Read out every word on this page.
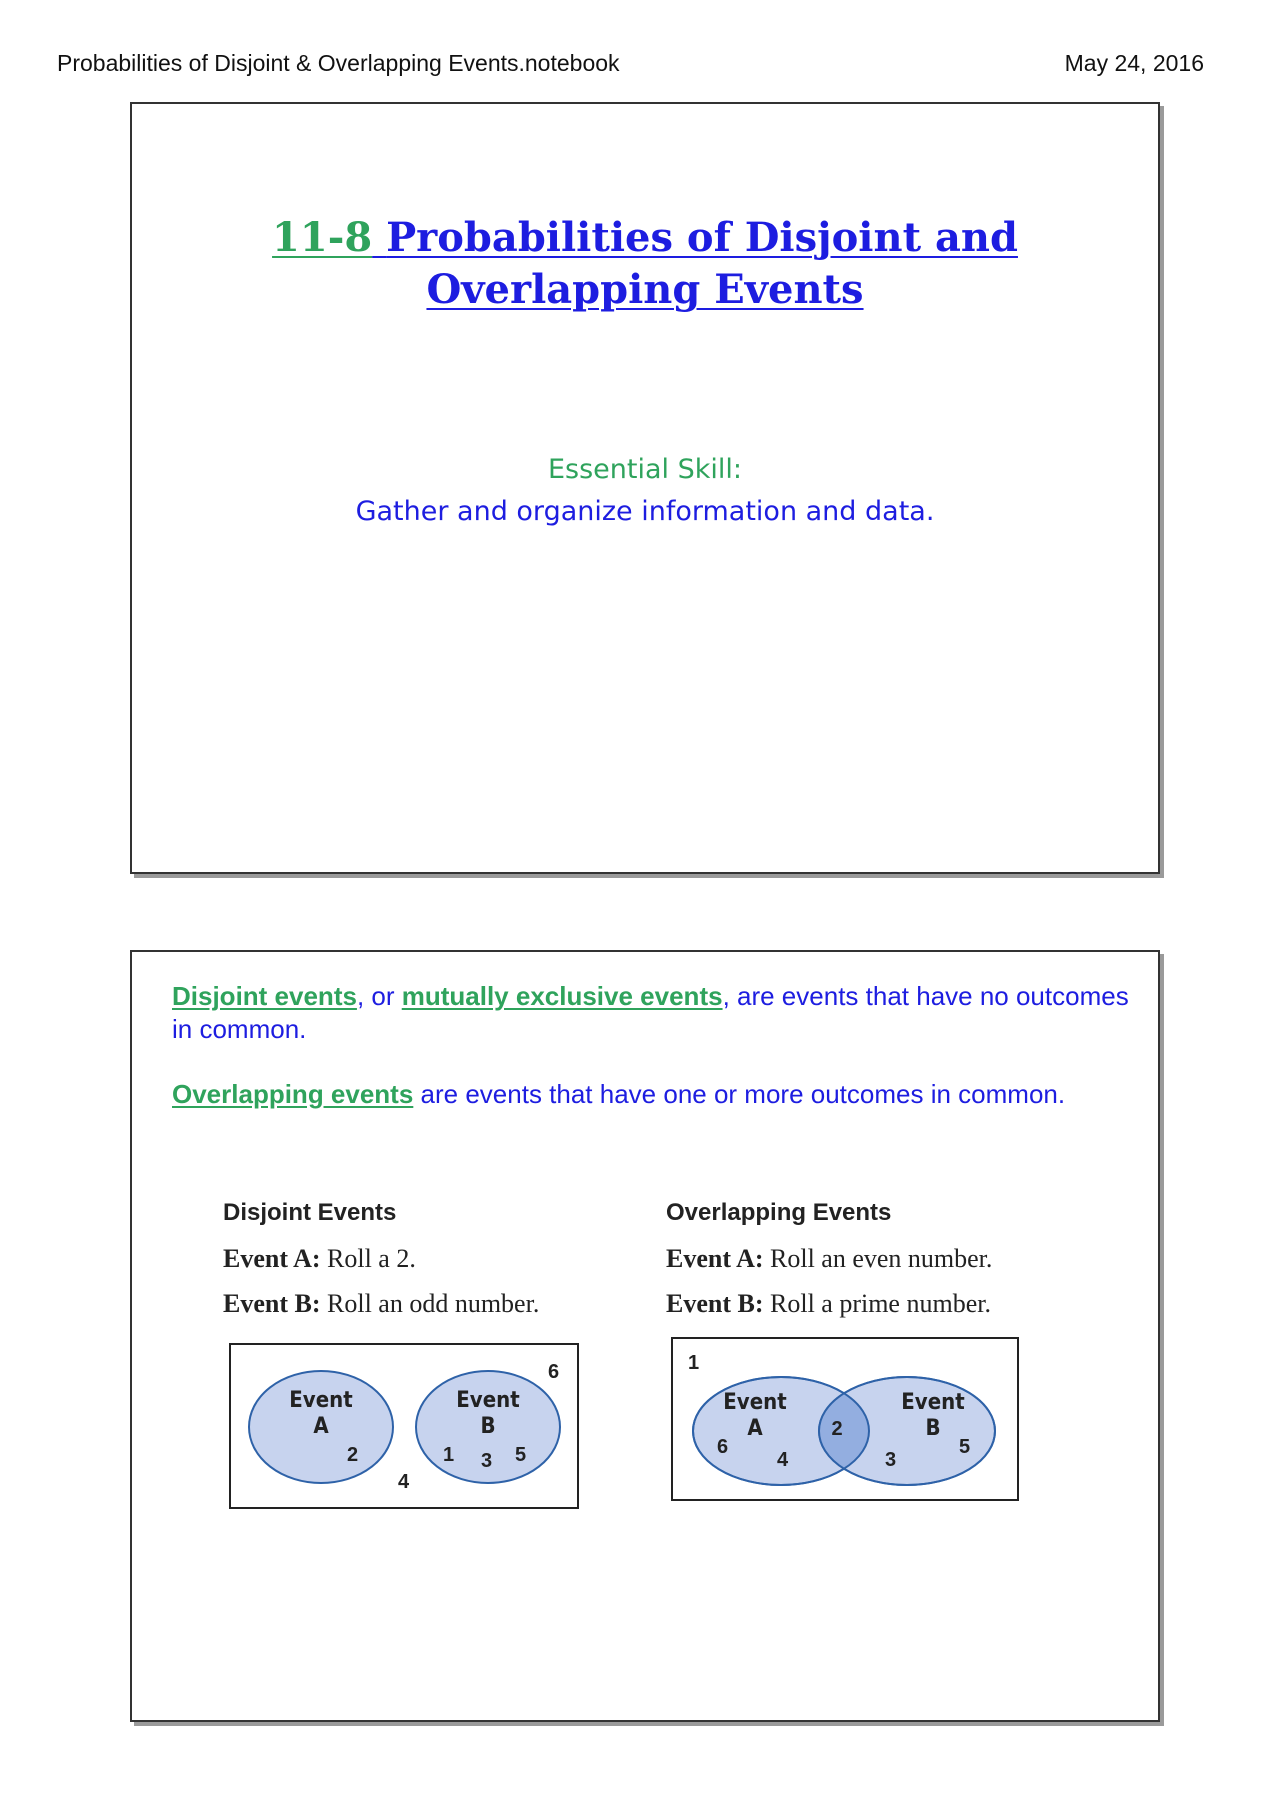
Probabilities of Disjoint & Overlapping Events.notebook	May 24, 2016
11-8 Probabilities of Disjoint and
Overlapping Events
Essential Skill:
Gather and organize information and data.

Disjoint events, or mutually exclusive events, are events that have no outcomes in common.

Overlapping events are events that have one or more outcomes in common.

Disjoint Events
Event A: Roll a 2.
Event B: Roll an odd number.
Overlapping Events
Event A: Roll an even number.
Event B: Roll a prime number.
Event
A
2
Event
B
1 3 5
6
4
1
Event
A
6
4
2
Event
B
3
5
